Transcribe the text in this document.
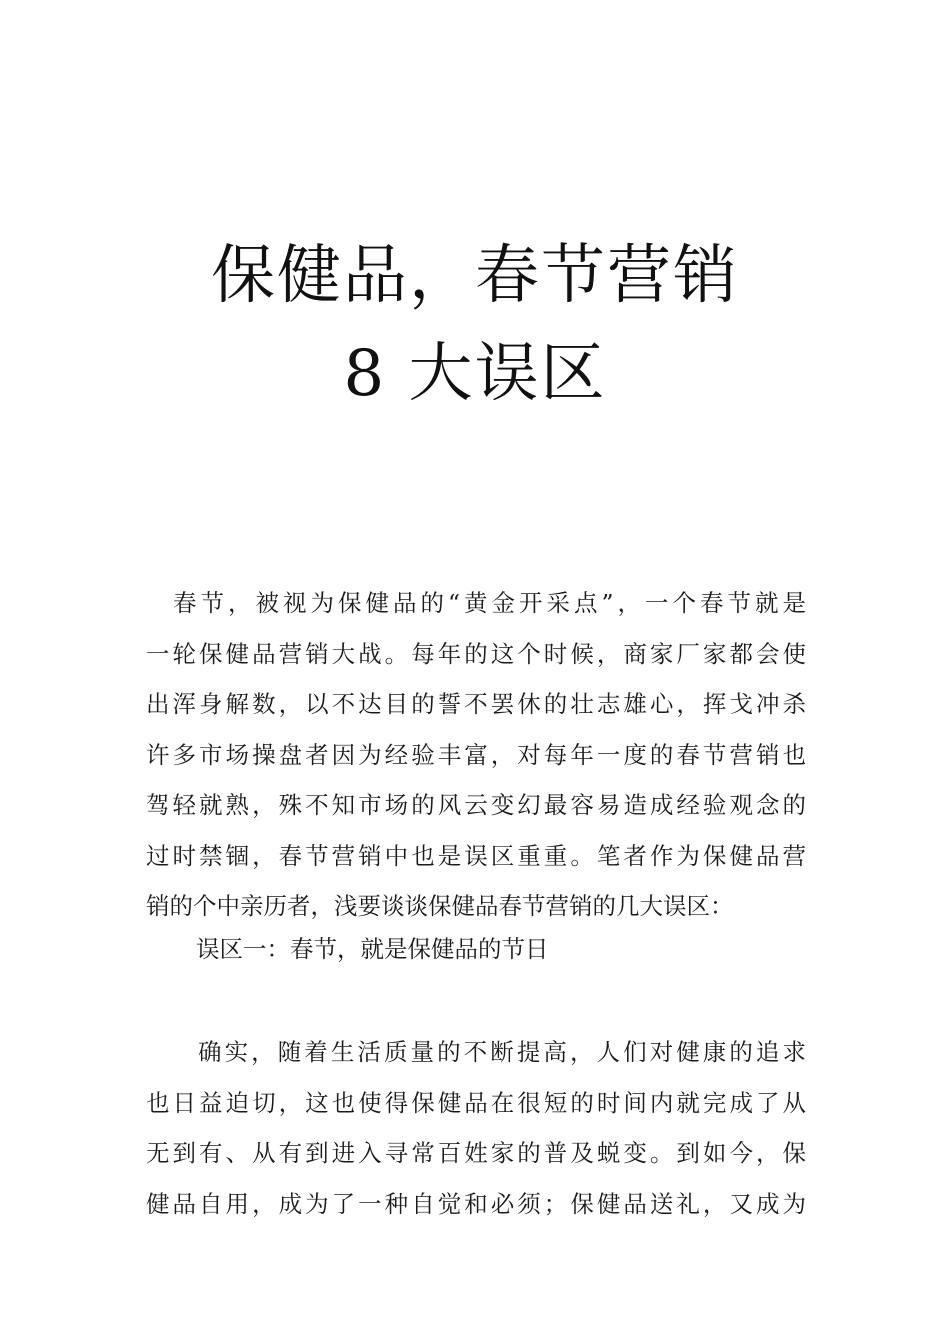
保健品，春节营销
8 大误区
春节，被视为保健品的“黄金开采点”，一个春节就是
一轮保健品营销大战。每年的这个时候，商家厂家都会使
出浑身解数，以不达目的誓不罢休的壮志雄心，挥戈冲杀
许多市场操盘者因为经验丰富，对每年一度的春节营销也
驾轻就熟，殊不知市场的风云变幻最容易造成经验观念的
过时禁锢，春节营销中也是误区重重。笔者作为保健品营
销的个中亲历者，浅要谈谈保健品春节营销的几大误区：
误区一：春节，就是保健品的节日
确实，随着生活质量的不断提高，人们对健康的追求
也日益迫切，这也使得保健品在很短的时间内就完成了从
无到有、从有到进入寻常百姓家的普及蜕变。到如今，保
健品自用，成为了一种自觉和必须；保健品送礼，又成为
